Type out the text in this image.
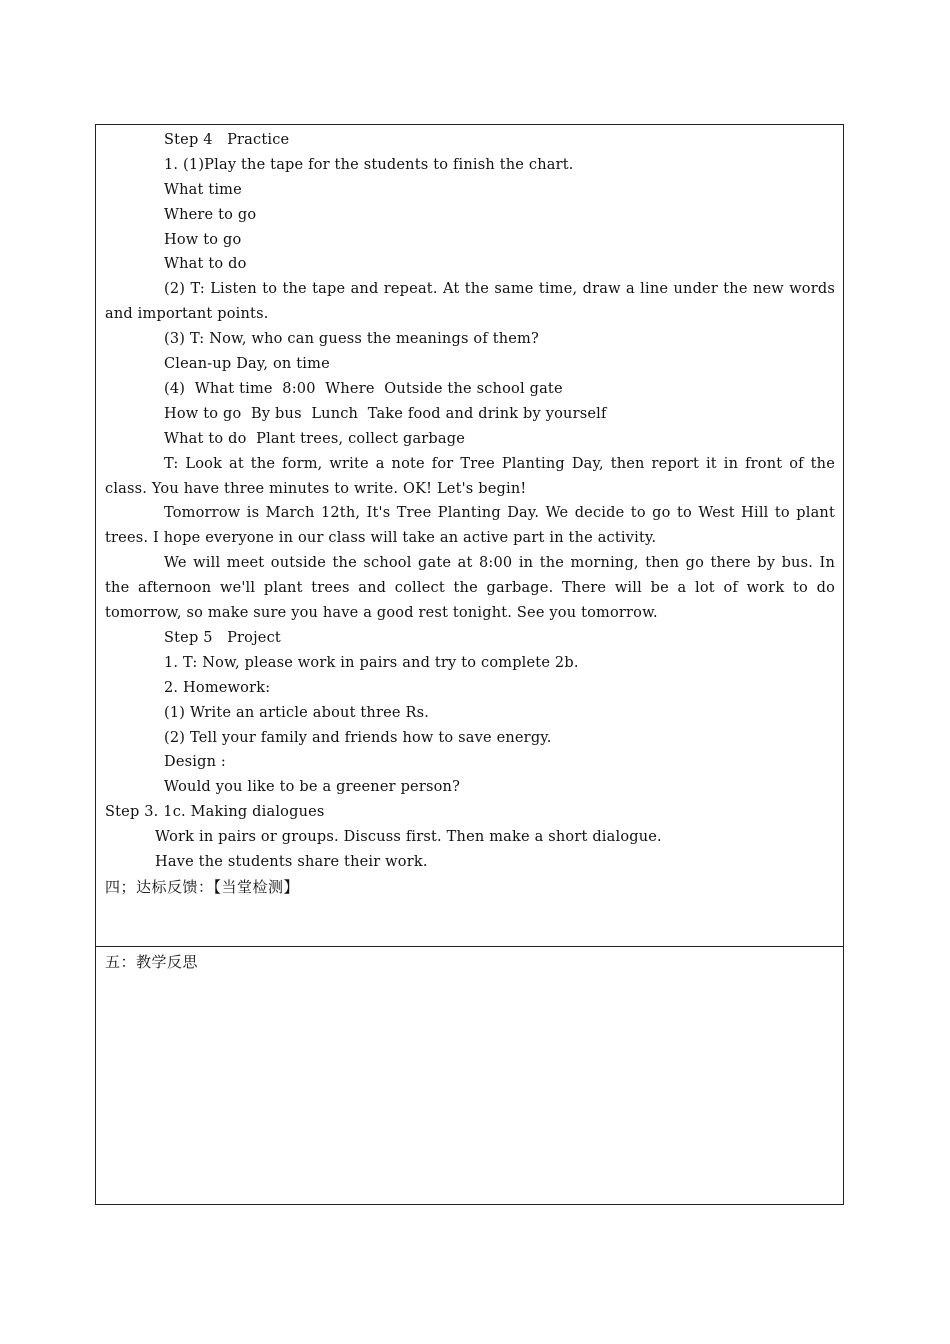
Step 4   Practice
1. (1)Play the tape for the students to finish the chart.
What time
Where to go
How to go
What to do
(2) T: Listen to the tape and repeat. At the same time, draw a line under the new words and important points.
(3) T: Now, who can guess the meanings of them?
Clean-up Day, on time
(4)  What time  8:00  Where  Outside the school gate
How to go  By bus  Lunch  Take food and drink by yourself
What to do  Plant trees, collect garbage
T: Look at the form, write a note for Tree Planting Day, then report it in front of the class. You have three minutes to write. OK! Let's begin!
Tomorrow is March 12th, It's Tree Planting Day. We decide to go to West Hill to plant trees. I hope everyone in our class will take an active part in the activity.
We will meet outside the school gate at 8:00 in the morning, then go there by bus. In the afternoon we'll plant trees and collect the garbage. There will be a lot of work to do tomorrow, so make sure you have a good rest tonight. See you tomorrow.
Step 5   Project
1. T: Now, please work in pairs and try to complete 2b.
2. Homework:
(1) Write an article about three Rs.
(2) Tell your family and friends how to save energy.
Design :
Would you like to be a greener person?
Step 3. 1c. Making dialogues
Work in pairs or groups. Discuss first. Then make a short dialogue.
Have the students share their work.
四；达标反馈：【当堂检测】
五：教学反思
